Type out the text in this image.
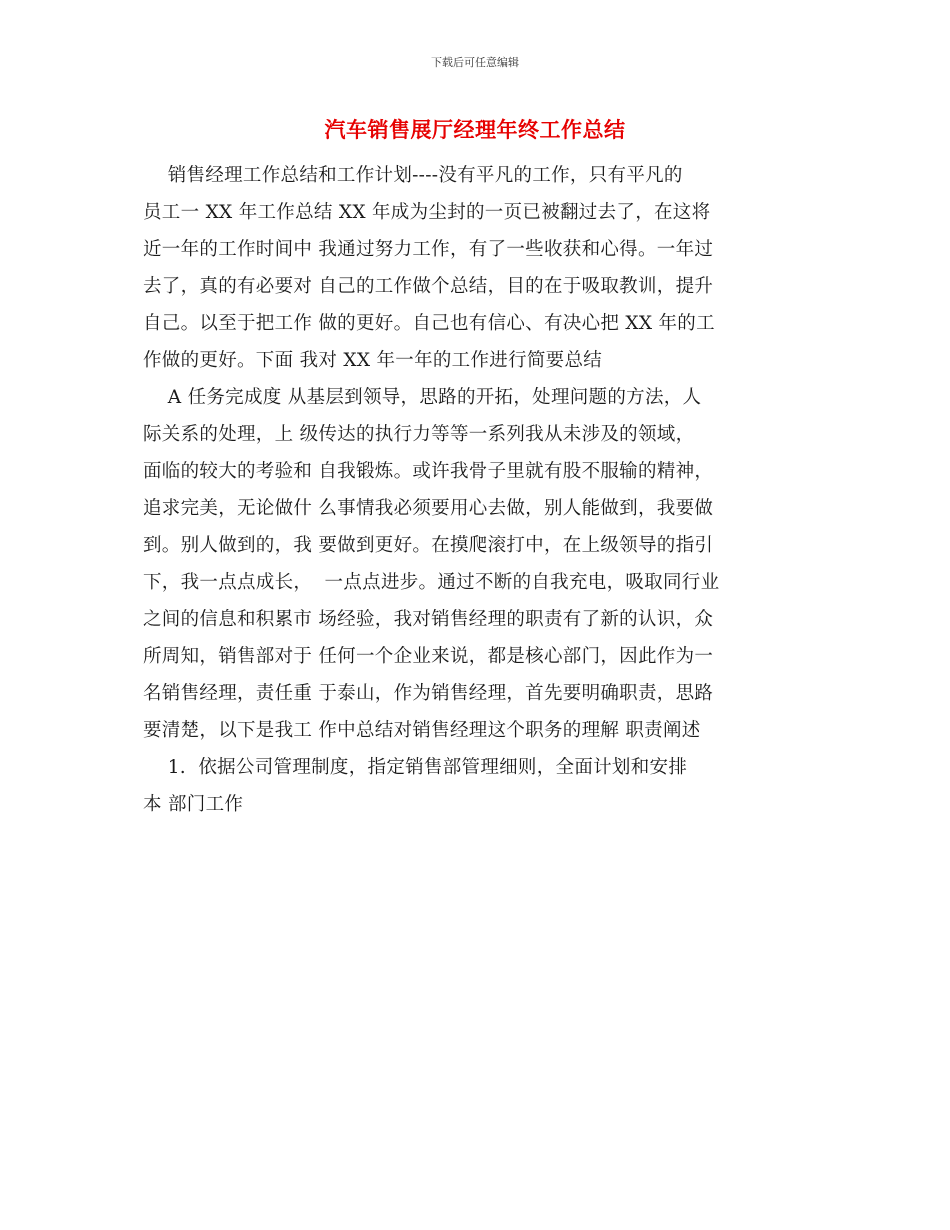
下载后可任意编辑
汽车销售展厅经理年终工作总结
销售经理工作总结和工作计划----没有平凡的工作，只有平凡的
员工一 XX 年工作总结 XX 年成为尘封的一页已被翻过去了，在这将
近一年的工作时间中 我通过努力工作，有了一些收获和心得。一年过
去了，真的有必要对 自己的工作做个总结，目的在于吸取教训，提升
自己。以至于把工作 做的更好。自己也有信心、有决心把 XX 年的工
作做的更好。下面 我对 XX 年一年的工作进行简要总结
A 任务完成度 从基层到领导，思路的开拓，处理问题的方法，人
际关系的处理，上 级传达的执行力等等一系列我从未涉及的领域，
面临的较大的考验和 自我锻炼。或许我骨子里就有股不服输的精神，
追求完美，无论做什 么事情我必须要用心去做，别人能做到，我要做
到。别人做到的，我 要做到更好。在摸爬滚打中，在上级领导的指引
下，我一点点成长，  一点点进步。通过不断的自我充电，吸取同行业
之间的信息和积累市 场经验，我对销售经理的职责有了新的认识，众
所周知，销售部对于 任何一个企业来说，都是核心部门，因此作为一
名销售经理，责任重 于泰山，作为销售经理，首先要明确职责，思路
要清楚，以下是我工 作中总结对销售经理这个职务的理解 职责阐述
1.  依据公司管理制度，指定销售部管理细则，全面计划和安排
本 部门工作
